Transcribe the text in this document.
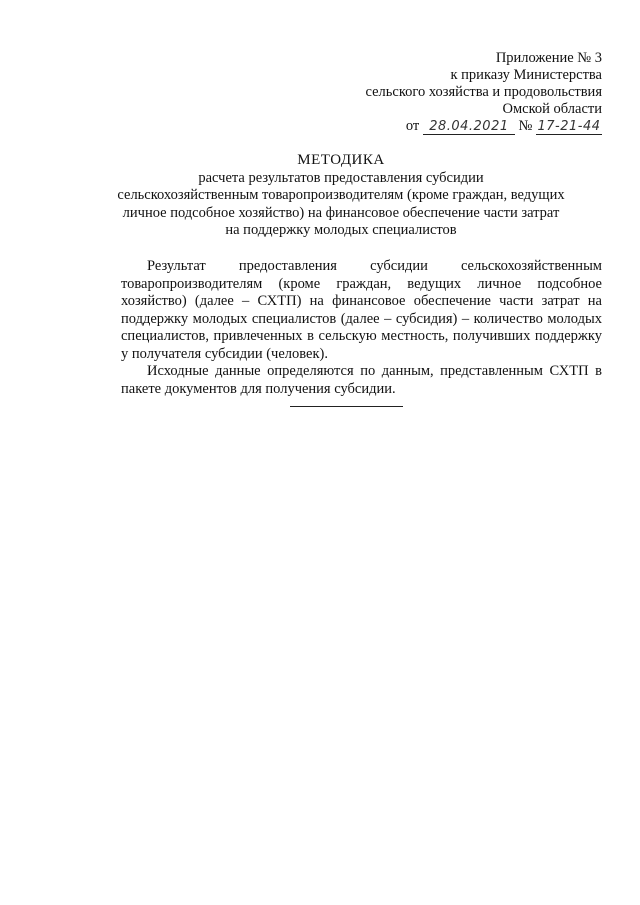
Приложение № 3
к приказу Министерства
сельского хозяйства и продовольствия
Омской области
от 28.04.2021 № 17-21-44
МЕТОДИКА
расчета результатов предоставления субсидии
сельскохозяйственным товаропроизводителям (кроме граждан, ведущих
личное подсобное хозяйство) на финансовое обеспечение части затрат
на поддержку молодых специалистов

Результат предоставления субсидии сельскохозяйственным товаропроизводителям (кроме граждан, ведущих личное подсобное хозяйство) (далее – СХТП) на финансовое обеспечение части затрат на поддержку молодых специалистов (далее – субсидия) – количество молодых специалистов, привлеченных в сельскую местность, получивших поддержку у получателя субсидии (человек).

Исходные данные определяются по данным, представленным СХТП в пакете документов для получения субсидии.
